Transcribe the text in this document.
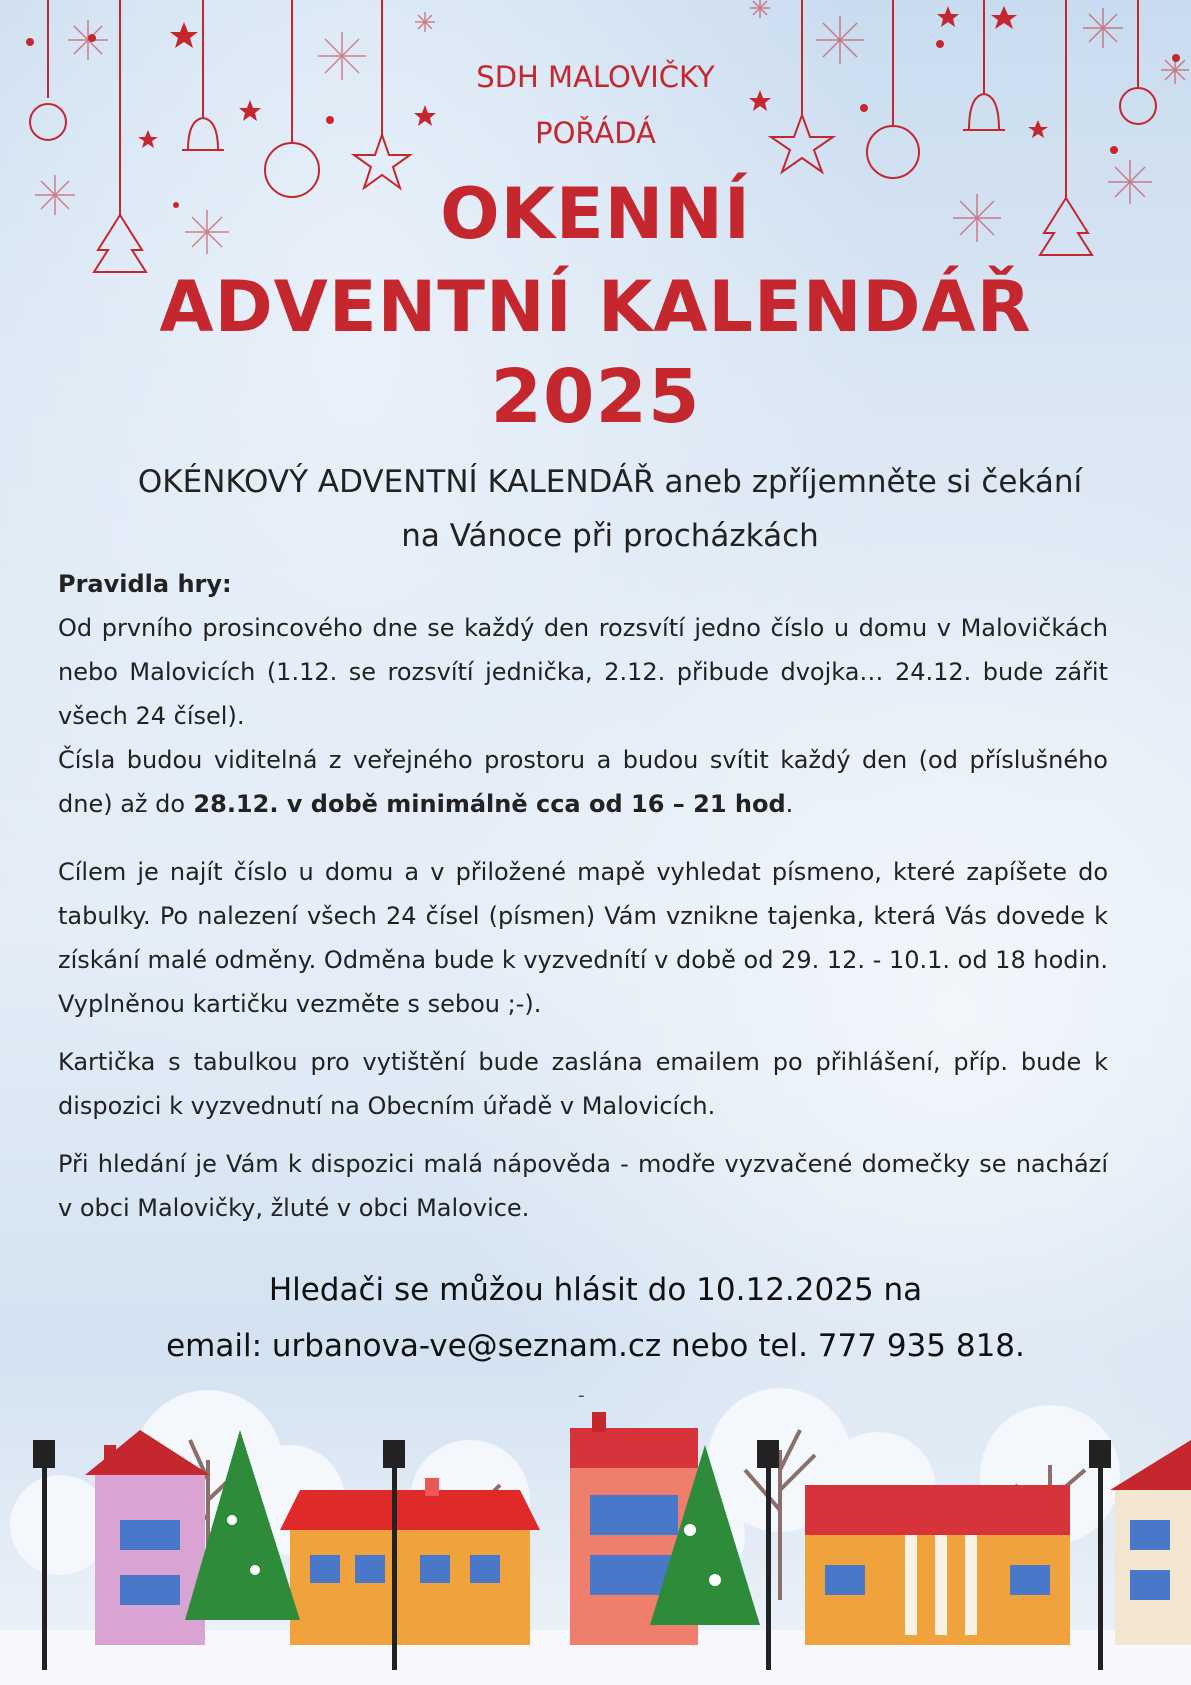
SDH MALOVIČKY
POŘÁDÁ
OKENNÍ
ADVENTNÍ KALENDÁŘ
2025
OKÉNKOVÝ ADVENTNÍ KALENDÁŘ aneb zpříjemněte si čekání
na Vánoce při procházkách
Pravidla hry:

Od prvního prosincového dne se každý den rozsvítí jedno číslo u domu v Malovičkách nebo Malovicích (1.12. se rozsvítí jednička, 2.12. přibude dvojka… 24.12. bude zářit všech 24 čísel).

Čísla budou viditelná z veřejného prostoru a budou svítit každý den (od příslušného dne) až do 28.12. v době minimálně cca od 16 – 21 hod.

Cílem je najít číslo u domu a v přiložené mapě vyhledat písmeno, které zapíšete do tabulky. Po nalezení všech 24 čísel (písmen) Vám vznikne tajenka, která Vás dovede k získání malé odměny. Odměna bude k vyzvednítí v době od 29. 12. - 10.1. od 18 hodin. Vyplněnou kartičku vezměte s sebou ;-).

Kartička s tabulkou pro vytištění bude zaslána emailem po přihlášení, příp. bude k dispozici k vyzvednutí na Obecním úřadě v Malovicích.

Při hledání je Vám k dispozici malá nápověda - modře vyzvačené domečky se nachází v obci Malovičky, žluté v obci Malovice.

Hledači se můžou hlásit do 10.12.2025 na
email: urbanova-ve@seznam.cz nebo tel. 777 935 818.
-
